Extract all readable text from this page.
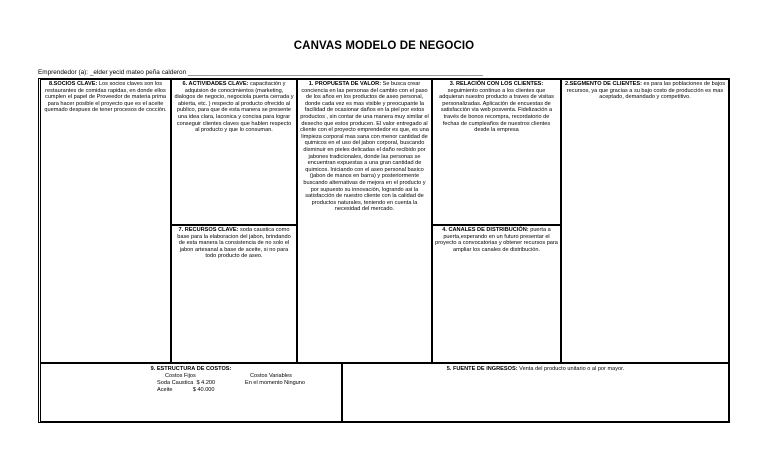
CANVAS MODELO DE NEGOCIO
Emprendedor (a): _elder yecid mateo peña calderon ___________________________________________________________________________________
8.SOCIOS CLAVE: Los socios claves son los restaurantes de comidas rapidas, en donde ellos cumplen el papel de Proveedor de materia prima para hacer posible el proyecto que es el aceite quemado despues de tener procesos de cocción.
6. ACTIVIDADES CLAVE: capacitación y adquision de conocimientos (marketing, dialogos de negocio, negociola puerta cerrada y abierta, etc. ) respecto al producto ofrecido al publico, para que de esta manera se presente una idea clara, laconica y concisa para lograr conseguir clientes claves que hablen respecto al producto y que lo consuman.
7. RECURSOS CLAVE: soda caustica como base para la elaboracion del jabon, brindando de esta manera la consistencia de no solo el jabon artesanal a base de aceite, si no para todo producto de aseo.
1. PROPUESTA DE VALOR: Se busca crear conciencia en las personas del cambio con el paso de los años en los productos de aseo personal, donde cada vez es mas visible y preocupante la facilidad de ocasionar daños en la piel por estos productos , sin contar de una manera muy similar el desecho que estos producen. El valor entregado al cliente con el proyecto emprendedor es que, es una limpieza corporal mas sana con menor cantidad de quimicos en el uso del jabon corporal, buscando disminuir en pieles delicadas el daño recibido por jabones tradicionales, donde las personas se encuentran expuestas a una gran cantidad de quimicos. Iniciando con el aseo personal basico (jabon de manos en barra) y posteriormente buscando alternativas de mejora en el producto y por supuesto su innovación, logrando asi la satisfacción de nuestro cliente con la calidad de productos naturales, teniendo en cuenta la necesidad del mercado.
3. RELACIÓN CON LOS CLIENTES: seguimiento continuo a los clientes que adquieran nuestro producto a traves de visitas personalizadas. Aplicación de encuestas de satisfacción via web posventa. Fidelización a través de bonos recompra, recordatorio de fechas de cumpleaños de nuestros clientes desde la empresa
4. CANALES DE DISTRIBUCIÓN: puerta a puerta,esperando en un futuro presentar el proyecto a convocatorias y obtener recursos para ampliar los canales de distribución.
2.SEGMENTO DE CLIENTES: es para las poblaciones de bajos recursos, ya que gracias a su bajo costo de producción es mas aceptado, demandado y competitivo.
9. ESTRUCTURA DE COSTOS:
Costos Fijos	Costos Variables
Soda Caustica  $ 4.200	En el momento Ninguno
Aceite             $ 40.000
5. FUENTE DE INGRESOS: Venta del producto unitario o al por mayor.
